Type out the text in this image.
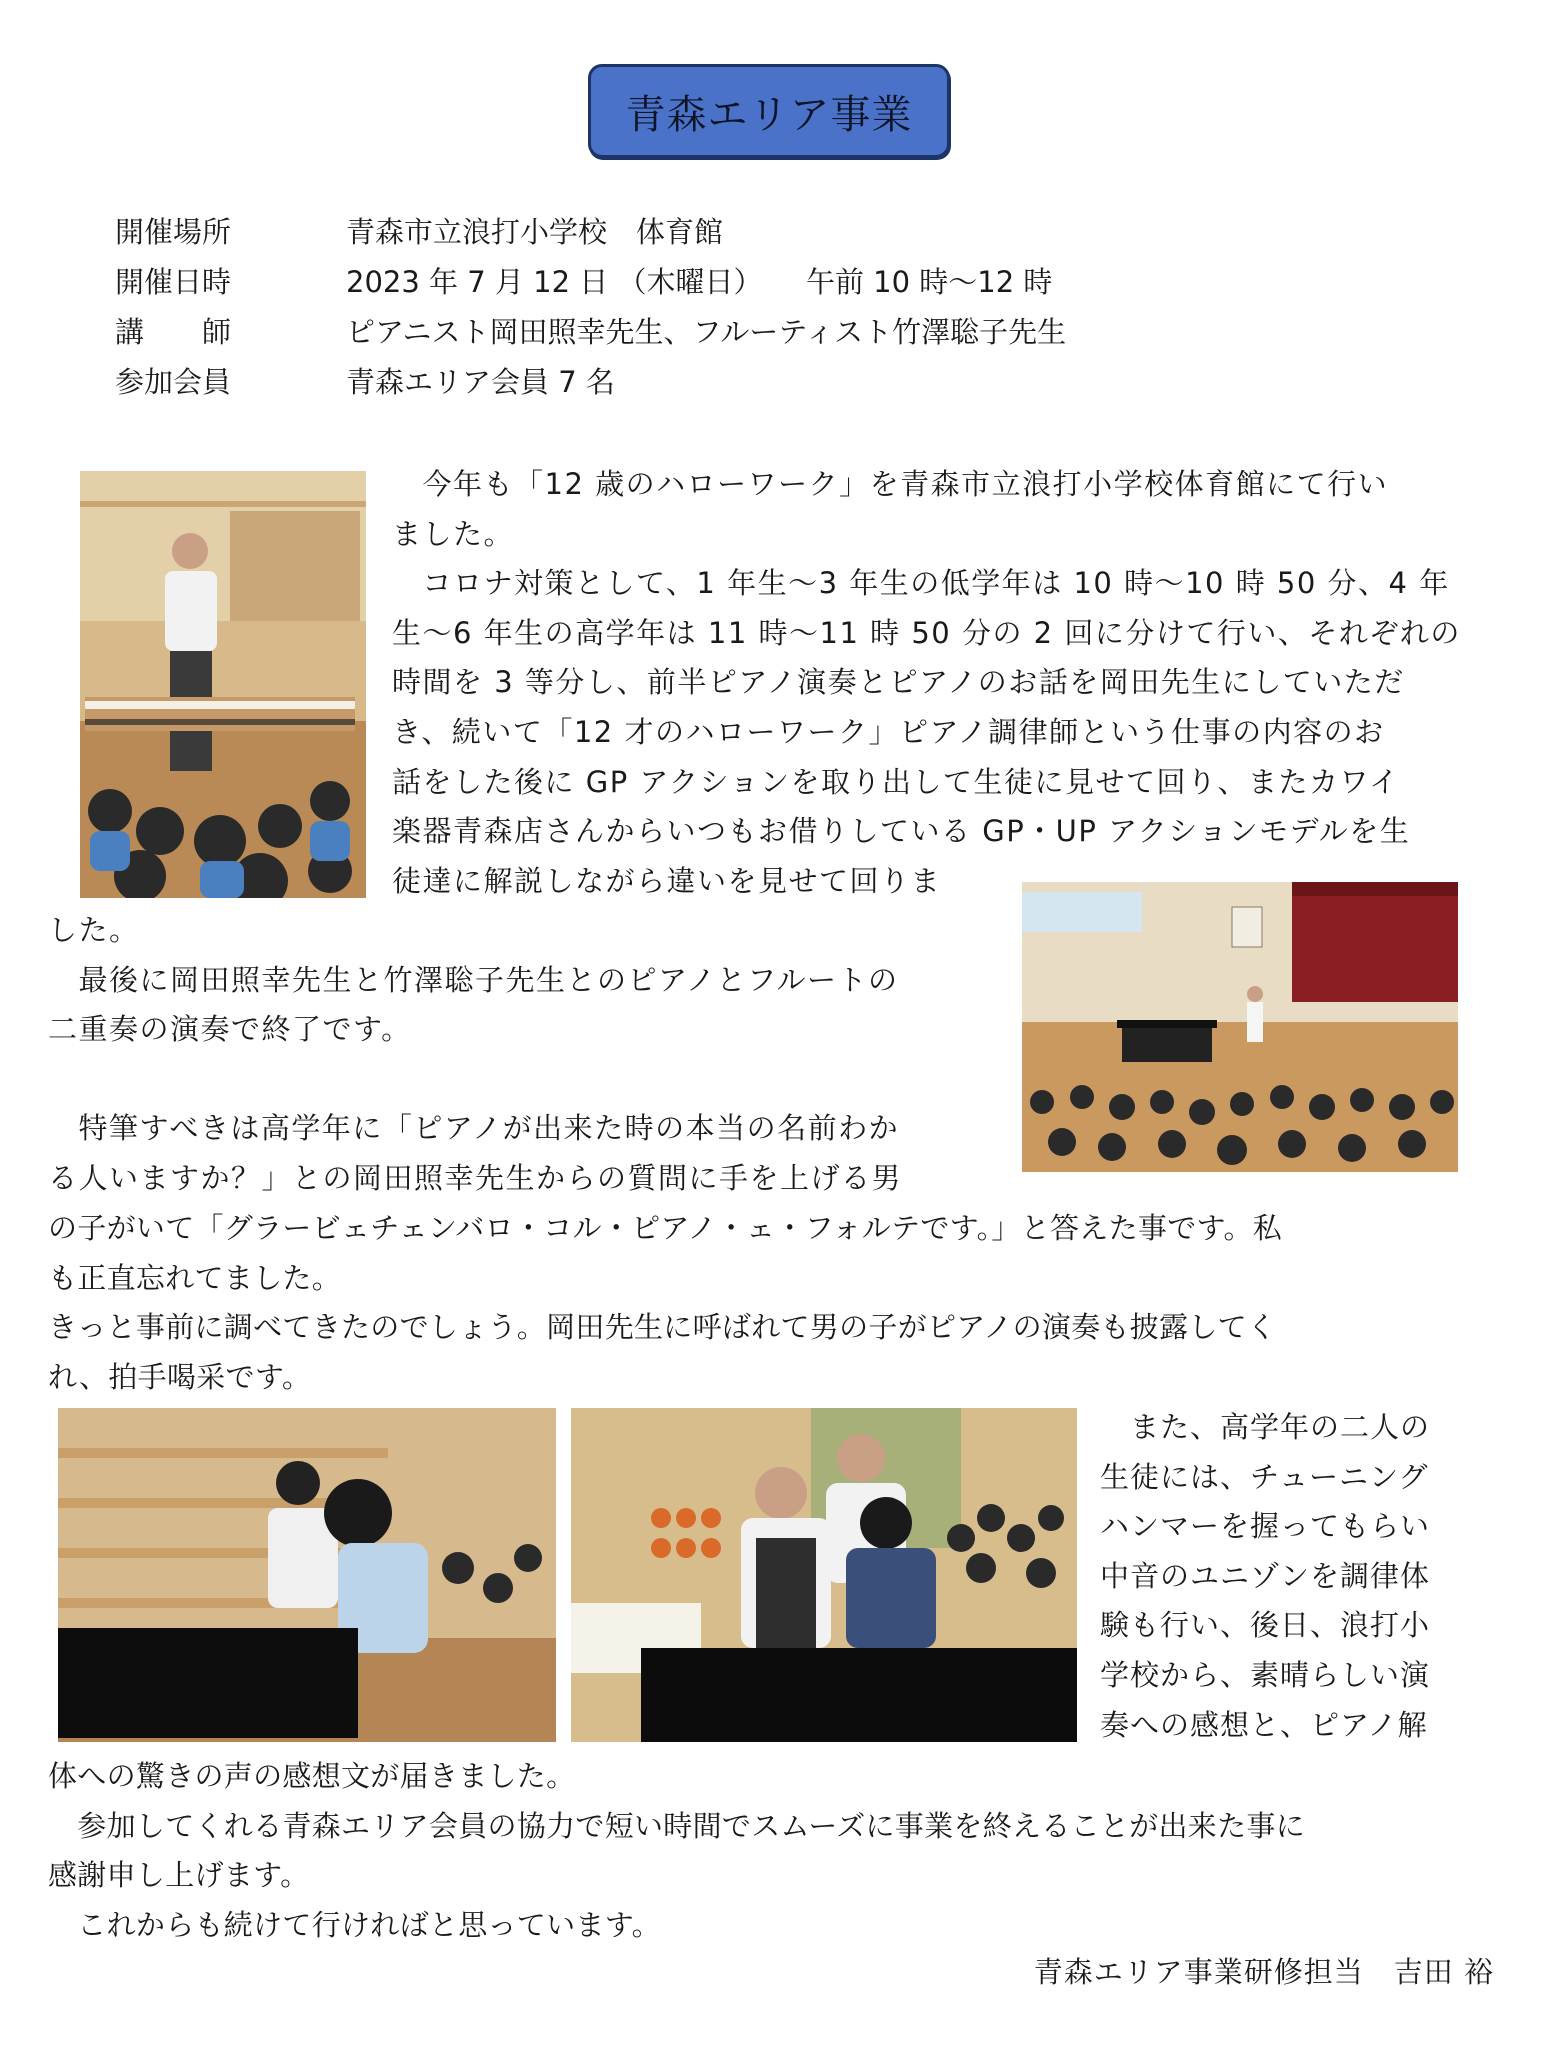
青森エリア事業
開催場所	青森市立浪打小学校　体育館
開催日時	2023 年 7 月 12 日 （木曜日）　　午前 10 時～12 時
講　　師	ピアニスト岡田照幸先生、フルーティスト竹澤聡子先生
参加会員	青森エリア会員 7 名
　今年も「12 歳のハローワーク」を青森市立浪打小学校体育館にて行い
ました。
　コロナ対策として、1 年生～3 年生の低学年は 10 時～10 時 50 分、4 年
生～6 年生の高学年は 11 時～11 時 50 分の 2 回に分けて行い、それぞれの
時間を 3 等分し、前半ピアノ演奏とピアノのお話を岡田先生にしていただ
き、続いて「12 才のハローワーク」ピアノ調律師という仕事の内容のお
話をした後に GP アクションを取り出して生徒に見せて回り、またカワイ
楽器青森店さんからいつもお借りしている GP・UP アクションモデルを生
徒達に解説しながら違いを見せて回りま
した。
　最後に岡田照幸先生と竹澤聡子先生とのピアノとフルートの
二重奏の演奏で終了です。
　特筆すべきは高学年に「ピアノが出来た時の本当の名前わか
る人いますか？」との岡田照幸先生からの質問に手を上げる男
の子がいて「グラービェチェンバロ・コル・ピアノ・ェ・フォルテです。」と答えた事です。私
も正直忘れてました。
きっと事前に調べてきたのでしょう。岡田先生に呼ばれて男の子がピアノの演奏も披露してく
れ、拍手喝采です。
　また、高学年の二人の
生徒には、チューニング
ハンマーを握ってもらい
中音のユニゾンを調律体
験も行い、後日、浪打小
学校から、素晴らしい演
奏への感想と、ピアノ解
体への驚きの声の感想文が届きました。
　参加してくれる青森エリア会員の協力で短い時間でスムーズに事業を終えることが出来た事に
感謝申し上げます。
　これからも続けて行ければと思っています。
青森エリア事業研修担当　吉田 裕
